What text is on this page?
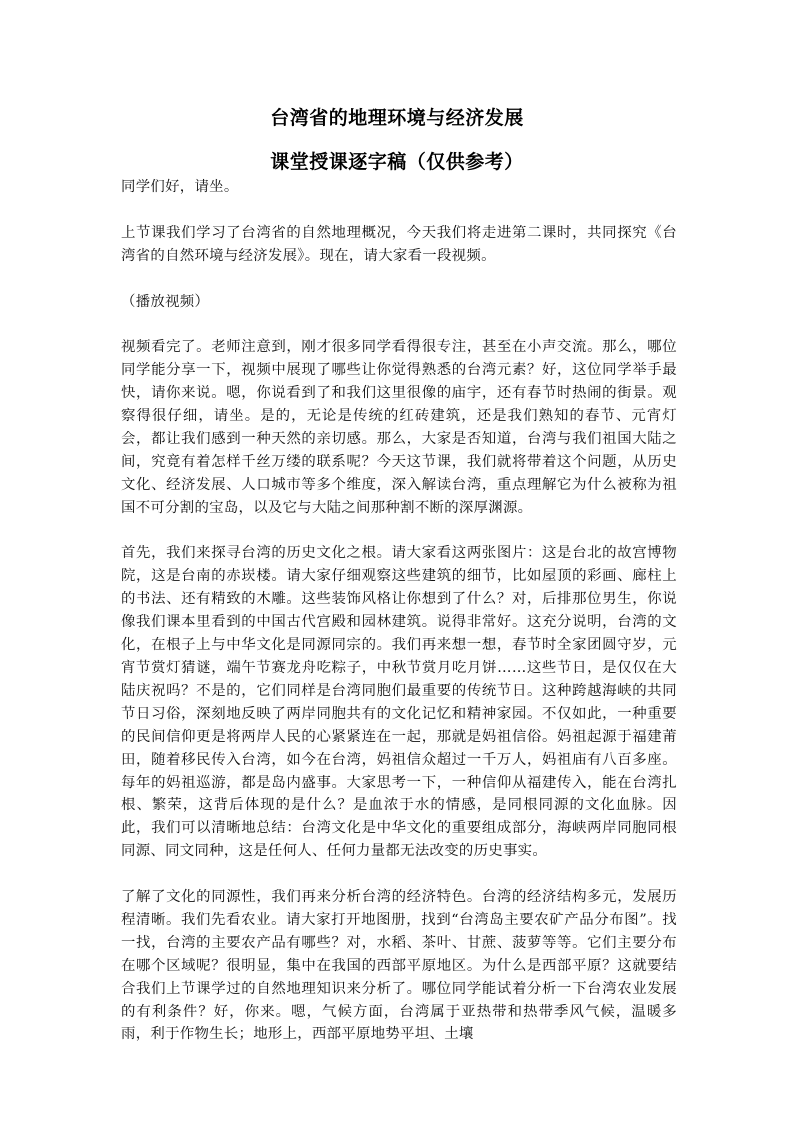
台湾省的地理环境与经济发展
课堂授课逐字稿（仅供参考）

同学们好，请坐。

上节课我们学习了台湾省的自然地理概况，今天我们将走进第二课时，共同探究《台湾省的自然环境与经济发展》。现在，请大家看一段视频。

（播放视频）

视频看完了。老师注意到，刚才很多同学看得很专注，甚至在小声交流。那么，哪位同学能分享一下，视频中展现了哪些让你觉得熟悉的台湾元素？好，这位同学举手最快，请你来说。嗯，你说看到了和我们这里很像的庙宇，还有春节时热闹的街景。观察得很仔细，请坐。是的，无论是传统的红砖建筑，还是我们熟知的春节、元宵灯会，都让我们感到一种天然的亲切感。那么，大家是否知道，台湾与我们祖国大陆之间，究竟有着怎样千丝万缕的联系呢？今天这节课，我们就将带着这个问题，从历史文化、经济发展、人口城市等多个维度，深入解读台湾，重点理解它为什么被称为祖国不可分割的宝岛，以及它与大陆之间那种割不断的深厚渊源。

首先，我们来探寻台湾的历史文化之根。请大家看这两张图片：这是台北的故宫博物院，这是台南的赤崁楼。请大家仔细观察这些建筑的细节，比如屋顶的彩画、廊柱上的书法、还有精致的木雕。这些装饰风格让你想到了什么？对，后排那位男生，你说像我们课本里看到的中国古代宫殿和园林建筑。说得非常好。这充分说明，台湾的文化，在根子上与中华文化是同源同宗的。我们再来想一想，春节时全家团圆守岁，元宵节赏灯猜谜，端午节赛龙舟吃粽子，中秋节赏月吃月饼……这些节日，是仅仅在大陆庆祝吗？不是的，它们同样是台湾同胞们最重要的传统节日。这种跨越海峡的共同节日习俗，深刻地反映了两岸同胞共有的文化记忆和精神家园。不仅如此，一种重要的民间信仰更是将两岸人民的心紧紧连在一起，那就是妈祖信俗。妈祖起源于福建莆田，随着移民传入台湾，如今在台湾，妈祖信众超过一千万人，妈祖庙有八百多座。每年的妈祖巡游，都是岛内盛事。大家思考一下，一种信仰从福建传入，能在台湾扎根、繁荣，这背后体现的是什么？是血浓于水的情感，是同根同源的文化血脉。因此，我们可以清晰地总结：台湾文化是中华文化的重要组成部分，海峡两岸同胞同根同源、同文同种，这是任何人、任何力量都无法改变的历史事实。

了解了文化的同源性，我们再来分析台湾的经济特色。台湾的经济结构多元，发展历程清晰。我们先看农业。请大家打开地图册，找到“台湾岛主要农矿产品分布图”。找一找，台湾的主要农产品有哪些？对，水稻、茶叶、甘蔗、菠萝等等。它们主要分布在哪个区域呢？很明显，集中在我国的西部平原地区。为什么是西部平原？这就要结合我们上节课学过的自然地理知识来分析了。哪位同学能试着分析一下台湾农业发展的有利条件？好，你来。嗯，气候方面，台湾属于亚热带和热带季风气候，温暖多雨，利于作物生长；地形上，西部平原地势平坦、土壤
